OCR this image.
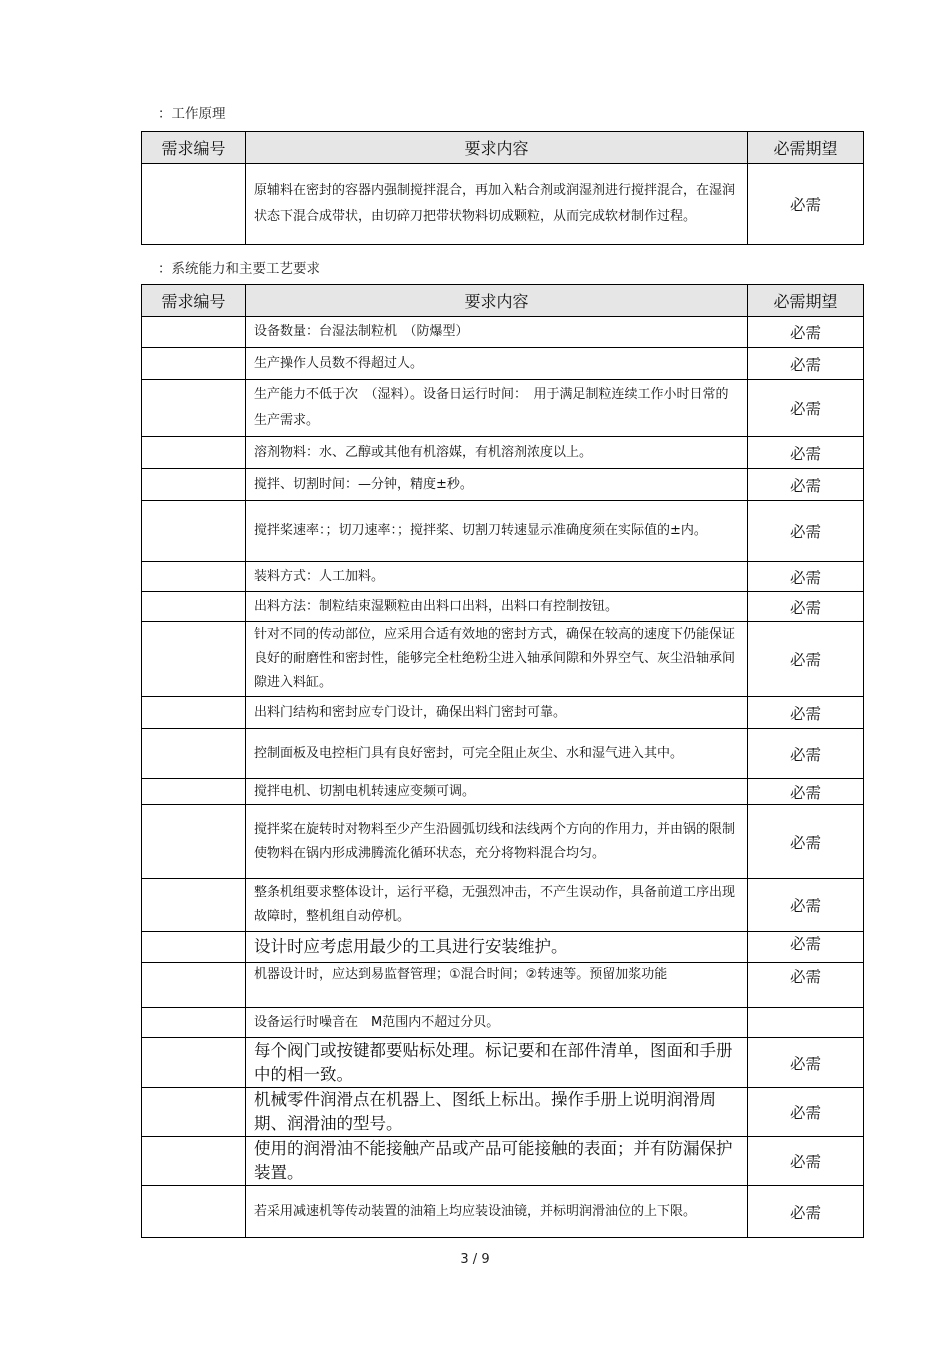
：工作原理
需求编号	要求内容	必需期望
	原辅料在密封的容器内强制搅拌混合，再加入粘合剂或润湿剂进行搅拌混合，在湿润状态下混合成带状，由切碎刀把带状物料切成颗粒，从而完成软材制作过程。	必需
：系统能力和主要工艺要求
需求编号	要求内容	必需期望
	设备数量：台湿法制粒机　（防爆型）	必需
	生产操作人员数不得超过人。	必需
	生产能力不低于次　（湿料）。设备日运行时间：　用于满足制粒连续工作小时日常的生产需求。	必需
	溶剂物料：水、乙醇或其他有机溶媒，有机溶剂浓度以上。	必需
	搅拌、切割时间：—分钟，精度±秒。	必需
	搅拌桨速率：；切刀速率：；搅拌桨、切割刀转速显示准确度须在实际值的±内。	必需
	装料方式：人工加料。	必需
	出料方法：制粒结束湿颗粒由出料口出料，出料口有控制按钮。	必需
	针对不同的传动部位，应采用合适有效地的密封方式，确保在较高的速度下仍能保证良好的耐磨性和密封性，能够完全杜绝粉尘进入轴承间隙和外界空气、灰尘沿轴承间隙进入料缸。	必需
	出料门结构和密封应专门设计，确保出料门密封可靠。	必需
	控制面板及电控柜门具有良好密封，可完全阻止灰尘、水和湿气进入其中。	必需
	搅拌电机、切割电机转速应变频可调。	必需
	搅拌桨在旋转时对物料至少产生沿圆弧切线和法线两个方向的作用力，并由锅的限制使物料在锅内形成沸腾流化循环状态，充分将物料混合均匀。	必需
	整条机组要求整体设计，运行平稳，无强烈冲击，不产生误动作，具备前道工序出现故障时，整机组自动停机。	必需
	设计时应考虑用最少的工具进行安装维护。	必需
	机器设计时，应达到易监督管理；①混合时间；②转速等。预留加浆功能	必需
	设备运行时噪音在　M范围内不超过分贝。	
	每个阀门或按键都要贴标处理。标记要和在部件清单，图面和手册中的相一致。	必需
	机械零件润滑点在机器上、图纸上标出。操作手册上说明润滑周期、润滑油的型号。	必需
	使用的润滑油不能接触产品或产品可能接触的表面；并有防漏保护装置。	必需
	若采用减速机等传动装置的油箱上均应装设油镜，并标明润滑油位的上下限。	必需
3 / 9
